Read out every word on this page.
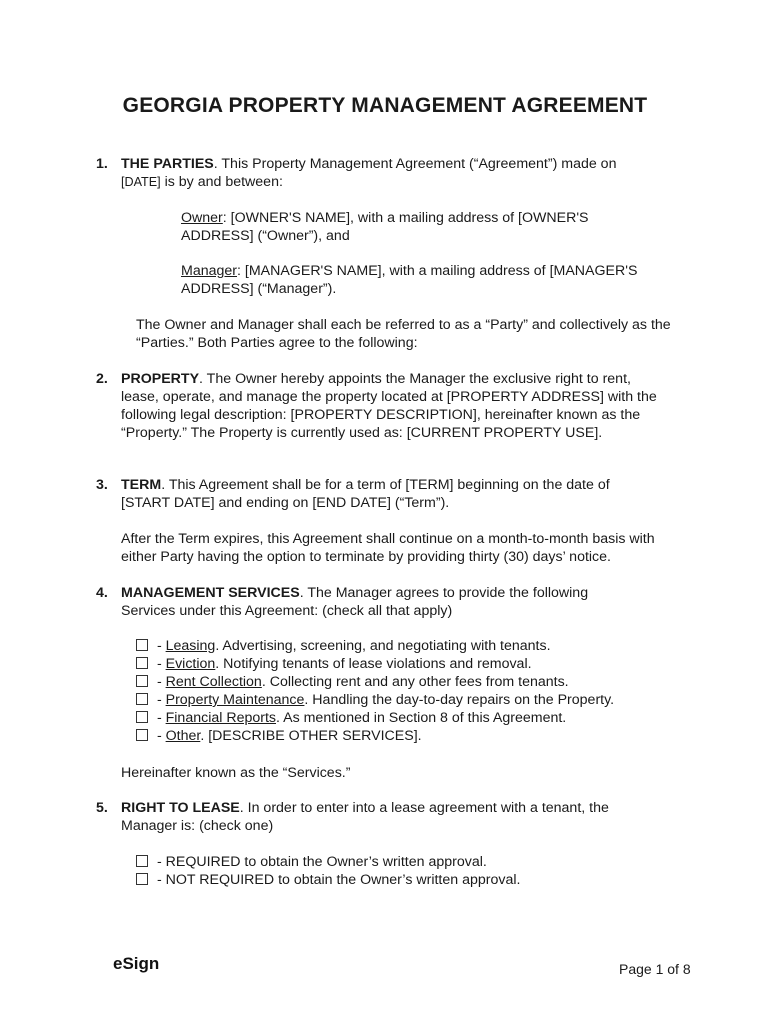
GEORGIA PROPERTY MANAGEMENT AGREEMENT
1. THE PARTIES. This Property Management Agreement (“Agreement”) made on
[DATE] is by and between:
Owner: [OWNER'S NAME], with a mailing address of [OWNER'S ADDRESS] (“Owner”), and
Manager: [MANAGER'S NAME], with a mailing address of [MANAGER'S ADDRESS] (“Manager”).
The Owner and Manager shall each be referred to as a “Party” and collectively as the “Parties.” Both Parties agree to the following:
2. PROPERTY. The Owner hereby appoints the Manager the exclusive right to rent, lease, operate, and manage the property located at [PROPERTY ADDRESS] with the following legal description: [PROPERTY DESCRIPTION], hereinafter known as the “Property.” The Property is currently used as: [CURRENT PROPERTY USE].
3. TERM. This Agreement shall be for a term of [TERM] beginning on the date of [START DATE] and ending on [END DATE] (“Term”).
After the Term expires, this Agreement shall continue on a month-to-month basis with either Party having the option to terminate by providing thirty (30) days’ notice.
4. MANAGEMENT SERVICES. The Manager agrees to provide the following Services under this Agreement: (check all that apply)
- Leasing. Advertising, screening, and negotiating with tenants.
- Eviction. Notifying tenants of lease violations and removal.
- Rent Collection. Collecting rent and any other fees from tenants.
- Property Maintenance. Handling the day-to-day repairs on the Property.
- Financial Reports. As mentioned in Section 8 of this Agreement.
- Other. [DESCRIBE OTHER SERVICES].
Hereinafter known as the “Services.”
5. RIGHT TO LEASE. In order to enter into a lease agreement with a tenant, the Manager is: (check one)
- REQUIRED to obtain the Owner’s written approval.
- NOT REQUIRED to obtain the Owner’s written approval.
eSign	Page 1 of 8
